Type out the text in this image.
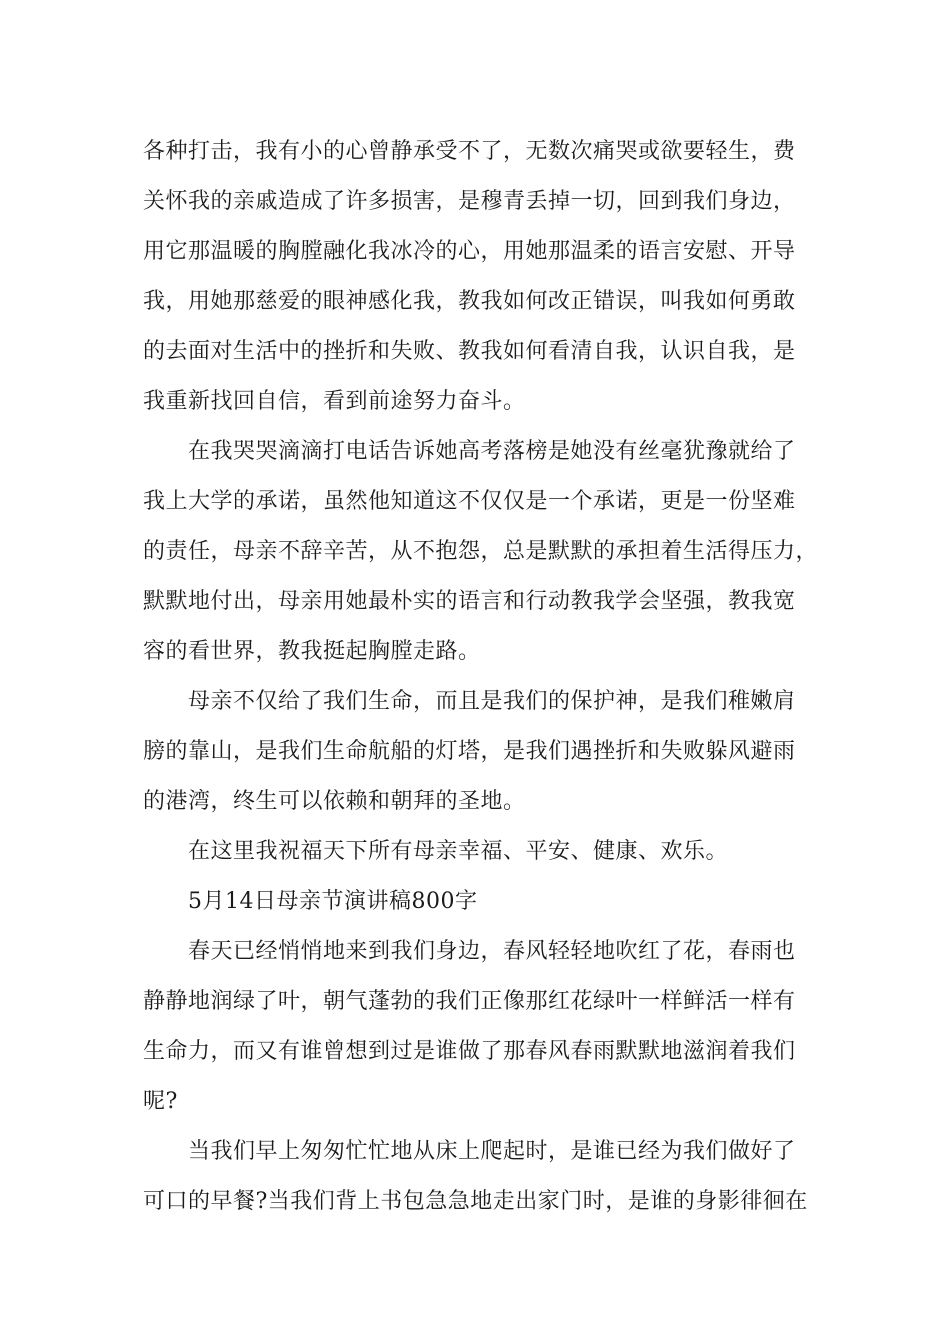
各种打击，我有小的心曾静承受不了，无数次痛哭或欲要轻生，费
关怀我的亲戚造成了许多损害，是穆青丢掉一切，回到我们身边，
用它那温暖的胸膛融化我冰冷的心，用她那温柔的语言安慰、开导
我，用她那慈爱的眼神感化我，教我如何改正错误，叫我如何勇敢
的去面对生活中的挫折和失败、教我如何看清自我，认识自我，是
我重新找回自信，看到前途努力奋斗。
在我哭哭滴滴打电话告诉她高考落榜是她没有丝毫犹豫就给了
我上大学的承诺，虽然他知道这不仅仅是一个承诺，更是一份坚难
的责任，母亲不辞辛苦，从不抱怨，总是默默的承担着生活得压力，
默默地付出，母亲用她最朴实的语言和行动教我学会坚强，教我宽
容的看世界，教我挺起胸膛走路。
母亲不仅给了我们生命，而且是我们的保护神，是我们稚嫩肩
膀的靠山，是我们生命航船的灯塔，是我们遇挫折和失败躲风避雨
的港湾，终生可以依赖和朝拜的圣地。
在这里我祝福天下所有母亲幸福、平安、健康、欢乐。
5月14日母亲节演讲稿800字
春天已经悄悄地来到我们身边，春风轻轻地吹红了花，春雨也
静静地润绿了叶，朝气蓬勃的我们正像那红花绿叶一样鲜活一样有
生命力，而又有谁曾想到过是谁做了那春风春雨默默地滋润着我们
呢?
当我们早上匆匆忙忙地从床上爬起时，是谁已经为我们做好了
可口的早餐?当我们背上书包急急地走出家门时，是谁的身影徘徊在
